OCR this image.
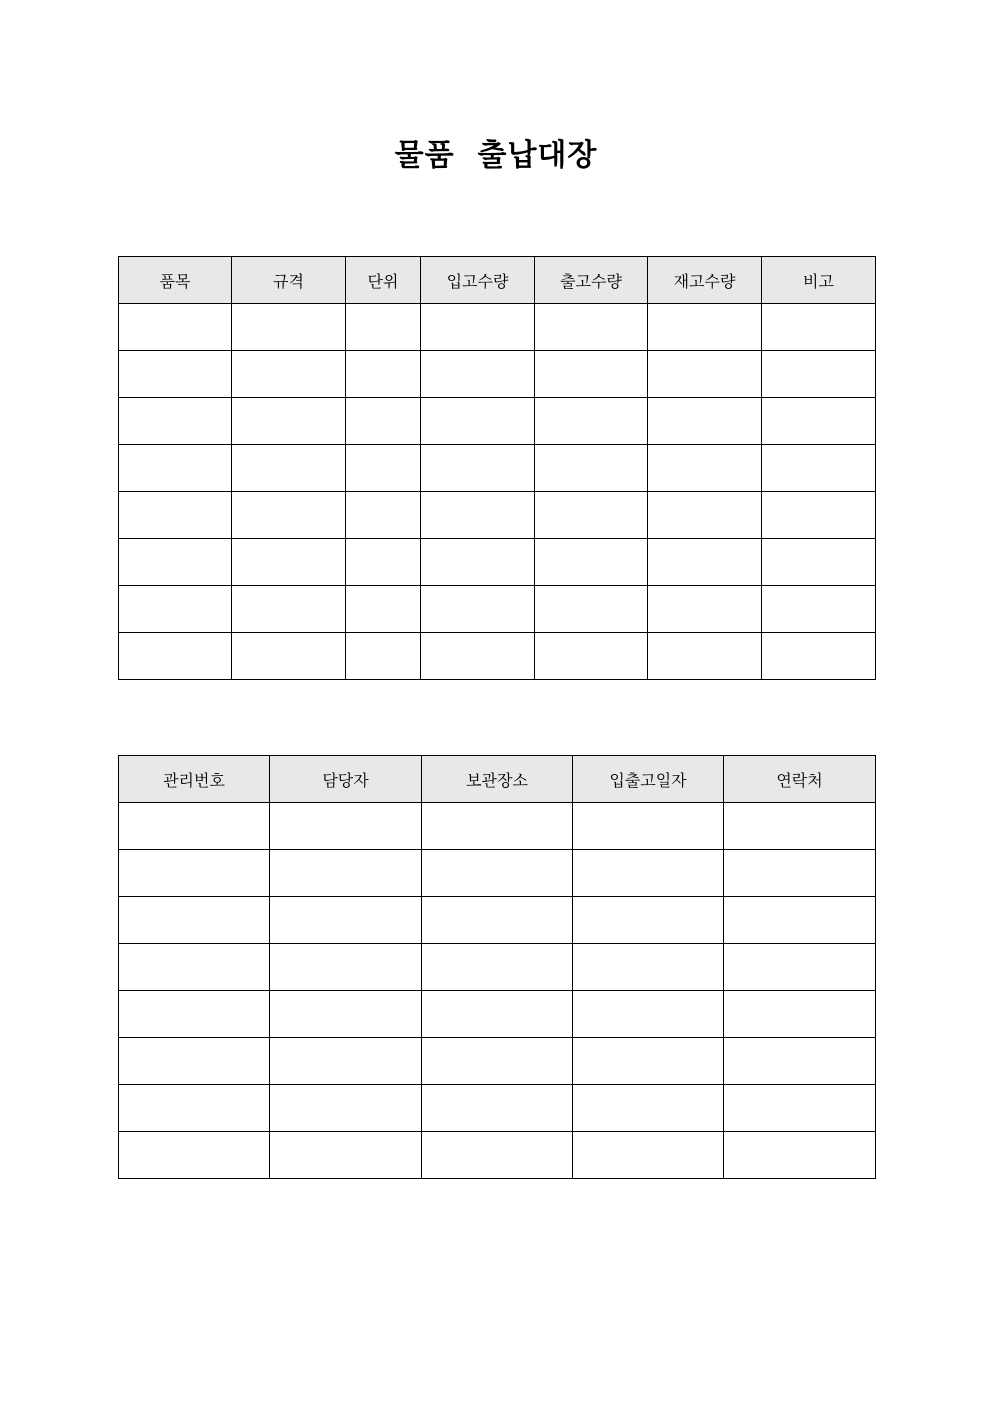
물품  출납대장
품목	규격	단위	입고수량	출고수량	재고수량	비고

관리번호	담당자	보관장소	입출고일자	연락처
